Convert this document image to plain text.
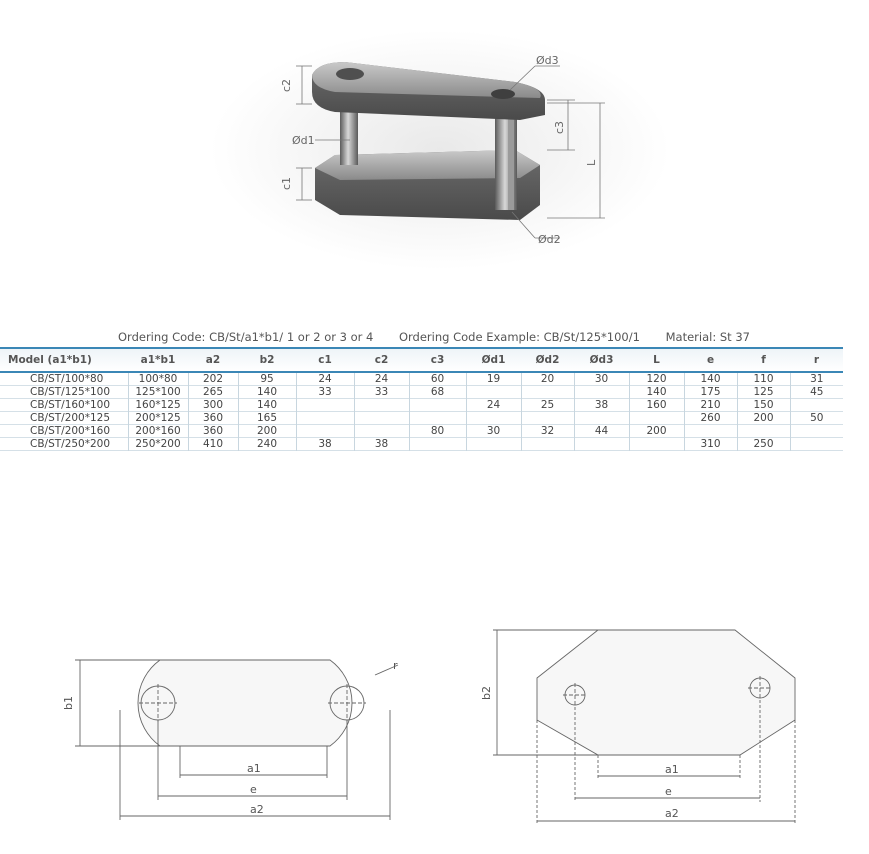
Ød3
c2
c3
Ød1
L
c1
Ød2
Ordering Code: CB/St/a1*b1/ 1 or 2 or 3 or 4 Ordering Code Example: CB/St/125*100/1 Material: St 37
Model (a1*b1)	a1*b1	a2	b2	c1	c2	c3	Ød1	Ød2	Ød3	L	e	f	r
CB/ST/100*80	100*80	202	95	24	24	60	19	20	30	120	140	110	31
CB/ST/125*100	125*100	265	140	33	33	68				140	175	125	45
CB/ST/160*100	160*125	300	140				24	25	38	160	210	150	
CB/ST/200*125	200*125	360	165								260	200	50
CB/ST/200*160	200*160	360	200			80	30	32	44	200			
CB/ST/250*200	250*200	410	240	38	38						310	250	
b1
r
a1
e
a2
b2
a1
e
a2
